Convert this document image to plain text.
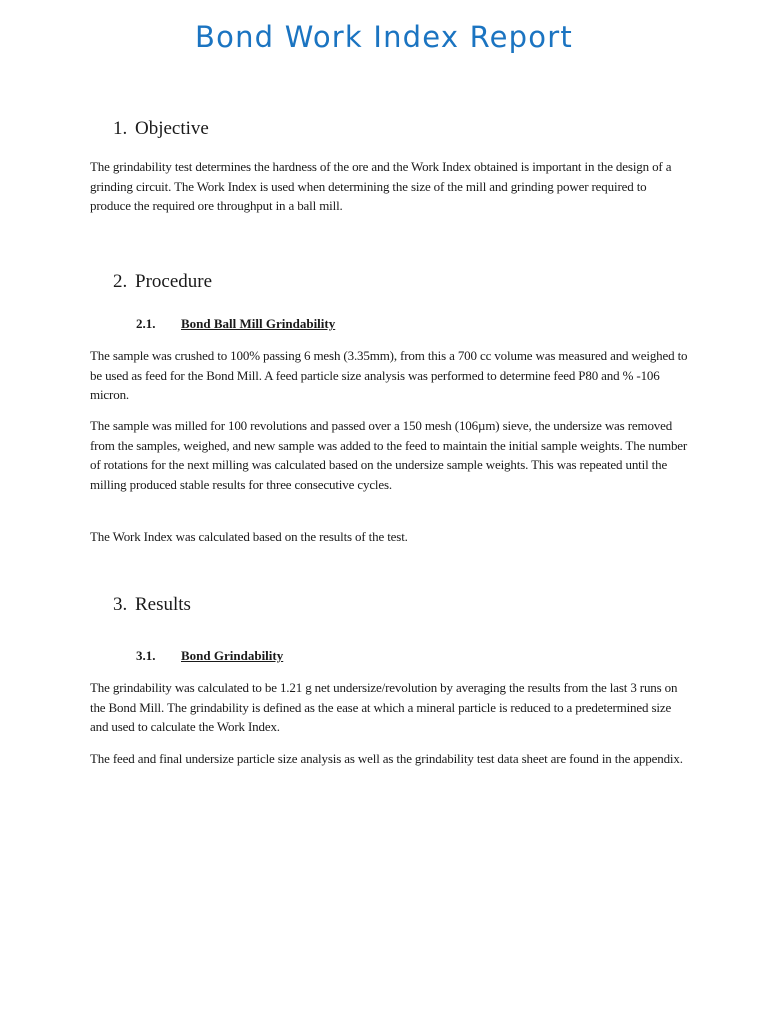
Bond Work Index Report
1. Objective

The grindability test determines the hardness of the ore and the Work Index obtained is important in the design of a grinding circuit. The Work Index is used when determining the size of the mill and grinding power required to produce the required ore throughput in a ball mill.

2. Procedure
2.1. Bond Ball Mill Grindability

The sample was crushed to 100% passing 6 mesh (3.35mm), from this a 700 cc volume was measured and weighed to be used as feed for the Bond Mill. A feed particle size analysis was performed to determine feed P80 and % -106 micron.

The sample was milled for 100 revolutions and passed over a 150 mesh (106µm) sieve, the undersize was removed from the samples, weighed, and new sample was added to the feed to maintain the initial sample weights. The number of rotations for the next milling was calculated based on the undersize sample weights. This was repeated until the milling produced stable results for three consecutive cycles.

The Work Index was calculated based on the results of the test.

3. Results
3.1. Bond Grindability

The grindability was calculated to be 1.21 g net undersize/revolution by averaging the results from the last 3 runs on the Bond Mill. The grindability is defined as the ease at which a mineral particle is reduced to a predetermined size and used to calculate the Work Index.

The feed and final undersize particle size analysis as well as the grindability test data sheet are found in the appendix.
